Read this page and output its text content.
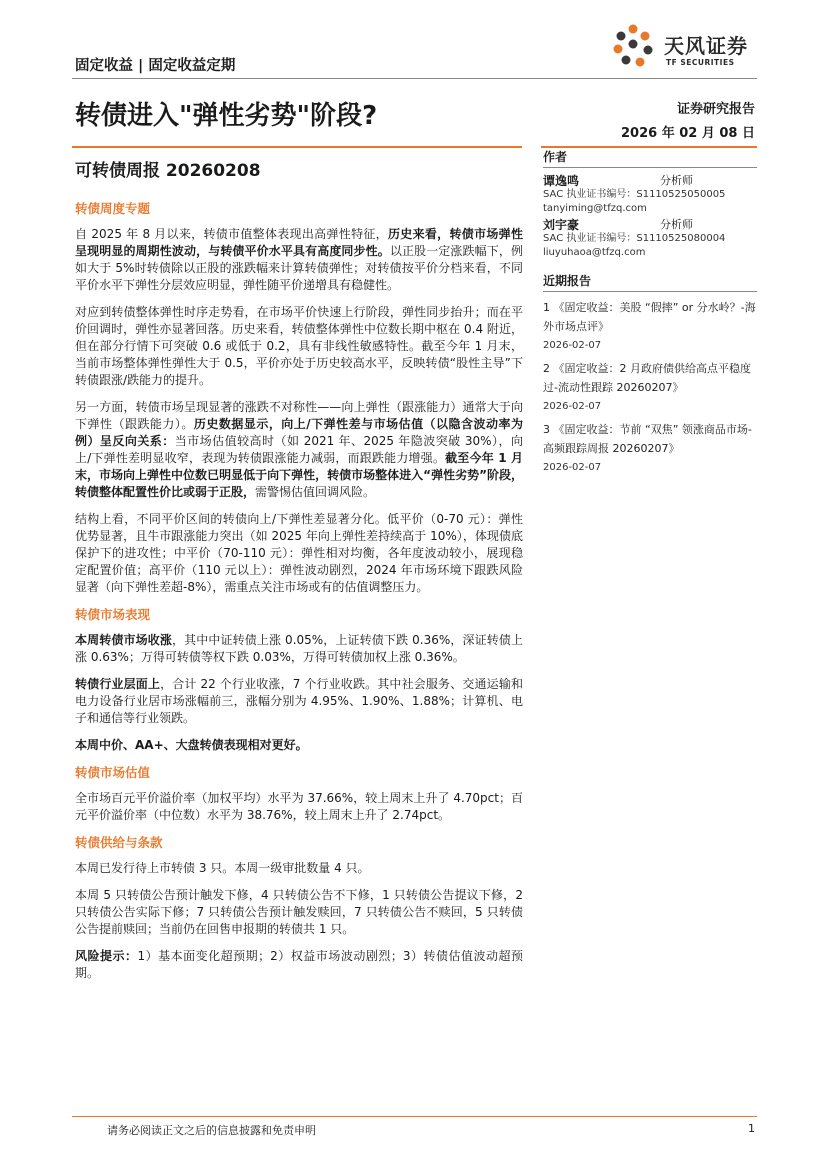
固定收益 | 固定收益定期
天风证券
TF SECURITIES
转债进入"弹性劣势"阶段?	证券研究报告
2026 年 02 月 08 日
可转债周报 20260208
转债周度专题
自 2025 年 8 月以来，转债市值整体表现出高弹性特征，历史来看，转债市场弹性呈现明显的周期性波动，与转债平价水平具有高度同步性。以正股一定涨跌幅下，例如大于 5%时转债除以正股的涨跌幅来计算转债弹性；对转债按平价分档来看，不同平价水平下弹性分层效应明显，弹性随平价递增具有稳健性。
对应到转债整体弹性时序走势看，在市场平价快速上行阶段，弹性同步抬升；而在平价回调时，弹性亦显著回落。历史来看，转债整体弹性中位数长期中枢在 0.4 附近，但在部分行情下可突破 0.6 或低于 0.2，具有非线性敏感特性。截至今年 1 月末，当前市场整体弹性弹性大于 0.5，平价亦处于历史较高水平，反映转债“股性主导”下转债跟涨/跌能力的提升。
另一方面，转债市场呈现显著的涨跌不对称性——向上弹性（跟涨能力）通常大于向下弹性（跟跌能力）。历史数据显示，向上/下弹性差与市场估值（以隐含波动率为例）呈反向关系：当市场估值较高时（如 2021 年、2025 年隐波突破 30%），向上/下弹性差明显收窄，表现为转债跟涨能力减弱，而跟跌能力增强。截至今年 1 月末，市场向上弹性中位数已明显低于向下弹性，转债市场整体进入“弹性劣势”阶段，转债整体配置性价比或弱于正股，需警惕估值回调风险。
结构上看，不同平价区间的转债向上/下弹性差显著分化。低平价（0-70 元）：弹性优势显著，且牛市跟涨能力突出（如 2025 年向上弹性差持续高于 10%），体现债底保护下的进攻性；中平价（70-110 元）：弹性相对均衡，各年度波动较小，展现稳定配置价值；高平价（110 元以上）：弹性波动剧烈，2024 年市场环境下跟跌风险显著（向下弹性差超-8%），需重点关注市场或有的估值调整压力。
转债市场表现
本周转债市场收涨，其中中证转债上涨 0.05%，上证转债下跌 0.36%，深证转债上涨 0.63%；万得可转债等权下跌 0.03%，万得可转债加权上涨 0.36%。
转债行业层面上，合计 22 个行业收涨，7 个行业收跌。其中社会服务、交通运输和电力设备行业居市场涨幅前三，涨幅分别为 4.95%、1.90%、1.88%；计算机、电子和通信等行业领跌。
本周中价、AA+、大盘转债表现相对更好。
转债市场估值
全市场百元平价溢价率（加权平均）水平为 37.66%，较上周末上升了 4.70pct；百元平价溢价率（中位数）水平为 38.76%，较上周末上升了 2.74pct。
转债供给与条款
本周已发行待上市转债 3 只。本周一级审批数量 4 只。
本周 5 只转债公告预计触发下修，4 只转债公告不下修，1 只转债公告提议下修，2 只转债公告实际下修；7 只转债公告预计触发赎回，7 只转债公告不赎回，5 只转债公告提前赎回；当前仍在回售申报期的转债共 1 只。
风险提示：1）基本面变化超预期；2）权益市场波动剧烈；3）转债估值波动超预期。
作者
谭逸鸣	分析师
SAC 执业证书编号：S1110525050005
tanyiming@tfzq.com
刘宇豪	分析师
SAC 执业证书编号：S1110525080004
liuyuhaoa@tfzq.com
近期报告
1 《固定收益：美股 “假摔” or 分水岭？-海外市场点评》
2026-02-07
2 《固定收益：2 月政府债供给高点平稳度过-流动性跟踪 20260207》
2026-02-07
3 《固定收益：节前 “双焦” 领涨商品市场-高频跟踪周报 20260207》
2026-02-07
请务必阅读正文之后的信息披露和免责申明	1
